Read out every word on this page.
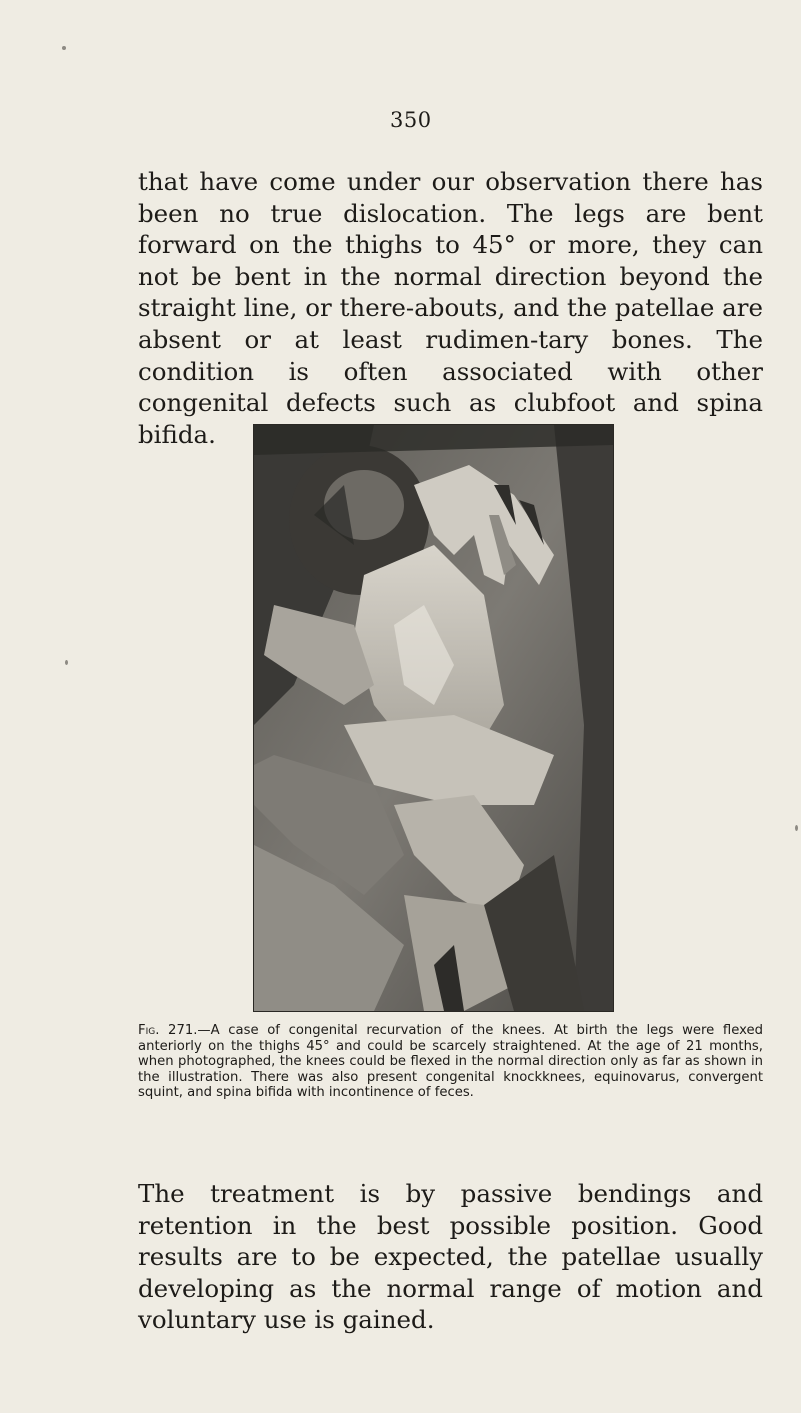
350

that have come under our observation there has been no true dislocation. The legs are bent forward on the thighs to 45° or more, they can not be bent in the normal direction beyond the straight line, or there-abouts, and the patellae are absent or at least rudimen-tary bones. The condition is often associated with other congenital defects such as clubfoot and spina bifida.

Fig. 271.—A case of congenital recurvation of the knees. At birth the legs were flexed anteriorly on the thighs 45° and could be scarcely straightened. At the age of 21 months, when photographed, the knees could be flexed in the normal direction only as far as shown in the illustration. There was also present congenital knockknees, equinovarus, convergent squint, and spina bifida with incontinence of feces.

The treatment is by passive bendings and retention in the best possible position. Good results are to be expected, the patellae usually developing as the normal range of motion and voluntary use is gained.
